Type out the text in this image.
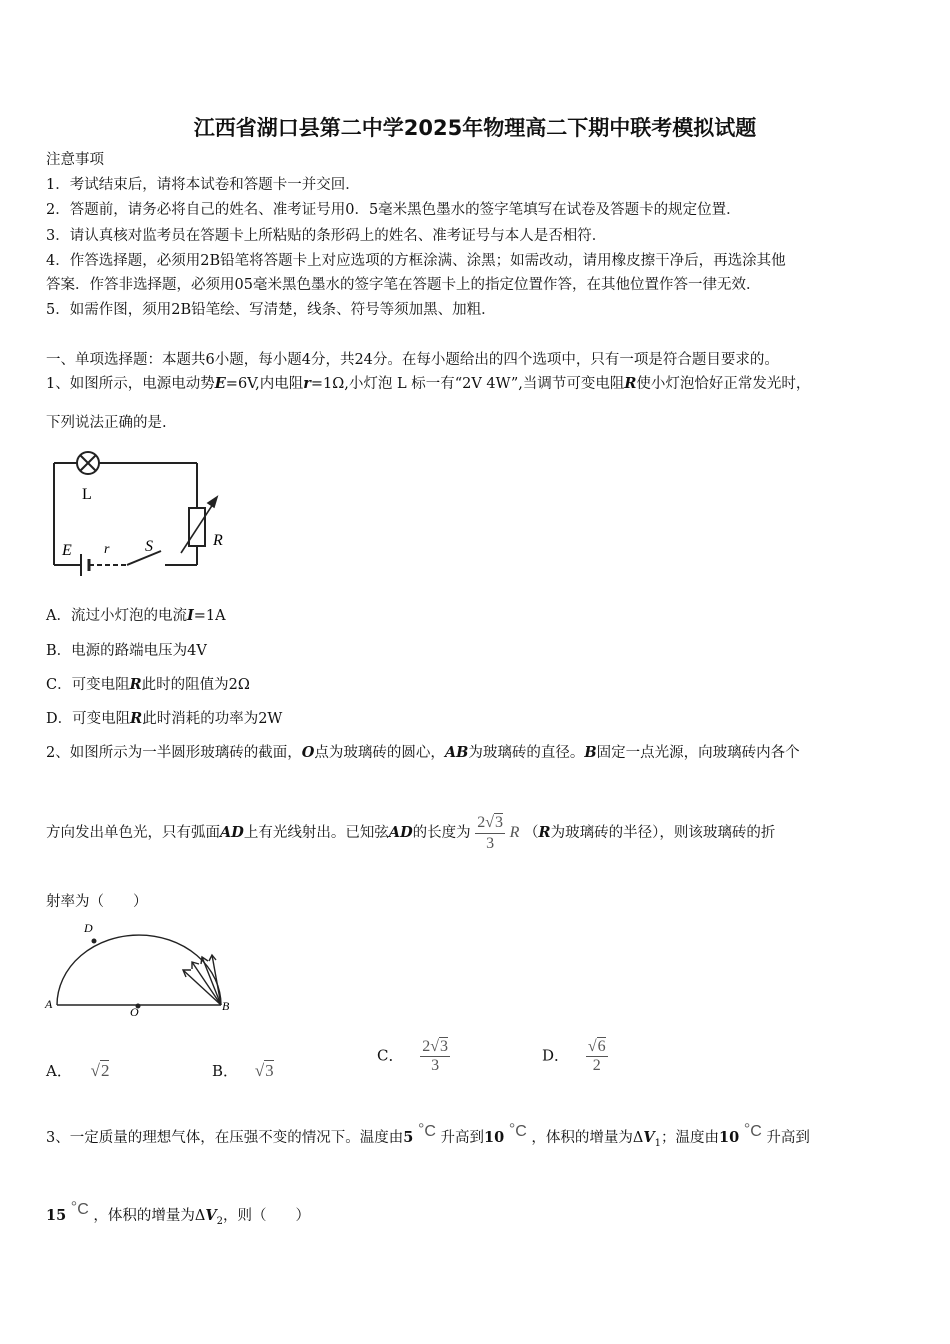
江西省湖口县第二中学2025年物理高二下期中联考模拟试题
注意事项
1．考试结束后，请将本试卷和答题卡一并交回．
2．答题前，请务必将自己的姓名、准考证号用0．5毫米黑色墨水的签字笔填写在试卷及答题卡的规定位置．
3．请认真核对监考员在答题卡上所粘贴的条形码上的姓名、准考证号与本人是否相符．
4．作答选择题，必须用2B铅笔将答题卡上对应选项的方框涂满、涂黑；如需改动，请用橡皮擦干净后，再选涂其他
答案．作答非选择题，必须用05毫米黑色墨水的签字笔在答题卡上的指定位置作答，在其他位置作答一律无效．
5．如需作图，须用2B铅笔绘、写清楚，线条、符号等须加黑、加粗．
一、单项选择题：本题共6小题，每小题4分，共24分。在每小题给出的四个选项中，只有一项是符合题目要求的。
1、如图所示，电源电动势E=6V,内电阻r=1Ω,小灯泡 L 标一有“2V 4W”,当调节可变电阻R使小灯泡恰好正常发光时，
下列说法正确的是.
L
E r S	R
A．流过小灯泡的电流I=1A
B．电源的路端电压为4V
C．可变电阻R此时的阻值为2Ω
D．可变电阻R此时消耗的功率为2W
2、如图所示为一半圆形玻璃砖的截面，O点为玻璃砖的圆心，AB为玻璃砖的直径。B固定一点光源，向玻璃砖内各个
方向发出单色光，只有弧面AD上有光线射出。已知弦AD的长度为 $\frac{2√3}{3}$ R （R为玻璃砖的半径），则该玻璃砖的折
射率为（　　）
A	B
D
O
A． √2	B． √3
C． $\frac{2√3}{3}$	D． $\frac{√6}{2}$
3、一定质量的理想气体，在压强不变的情况下。温度由5 °C 升高到10 °C ，体积的增量为$\Delta V_1$；温度由10 °C 升高到
15 °C ，体积的增量为$\Delta V_2$，则（　　）
